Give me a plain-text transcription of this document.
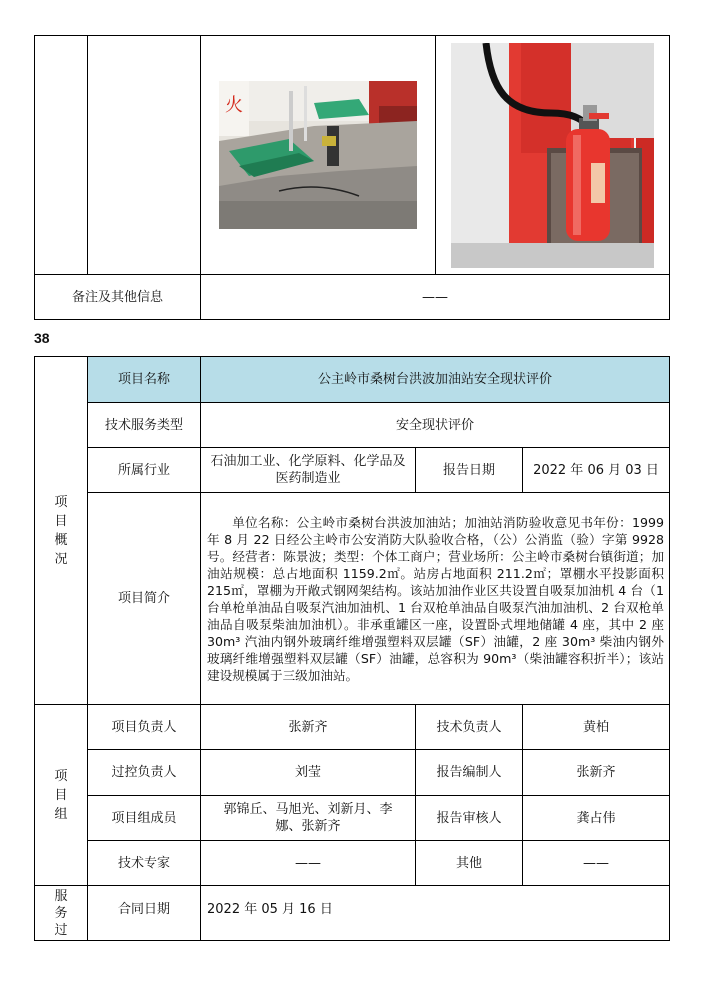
火

备注及其他信息		——	
38
项目概况	项目名称	公主岭市桑树台洪波加油站安全现状评价		
	技术服务类型	安全现状评价		
	所属行业	石油加工业、化学原料、化学品及医药制造业	报告日期	2022 年 06 月 03 日
	项目简介	单位名称：公主岭市桑树台洪波加油站；加油站消防验收意见书年份：1999 年 8 月 22 日经公主岭市公安消防大队验收合格，（公）公消监（验）字第 9928 号。经营者：陈景波；类型：个体工商户；营业场所：公主岭市桑树台镇街道；加油站规模：总占地面积 1159.2㎡。站房占地面积 211.2㎡；罩棚水平投影面积 215㎡，罩棚为开敞式钢网架结构。该站加油作业区共设置自吸泵加油机 4 台（1 台单枪单油品自吸泵汽油加油机、1 台双枪单油品自吸泵汽油加油机、2 台双枪单油品自吸泵柴油加油机）。非承重罐区一座，设置卧式埋地储罐 4 座，其中 2 座 30m³ 汽油内钢外玻璃纤维增强塑料双层罐（SF）油罐，2 座 30m³ 柴油内钢外玻璃纤维增强塑料双层罐（SF）油罐，总容积为 90m³（柴油罐容积折半）；该站建设规模属于三级加油站。		
项目组	项目负责人	张新齐	技术负责人	黄柏
	过控负责人	刘莹	报告编制人	张新齐
	项目组成员	郭锦丘、马旭光、刘新月、李娜、张新齐	报告审核人	龚占伟
	技术专家	——	其他	——
服务过	合同日期	2022 年 05 月 16 日		
